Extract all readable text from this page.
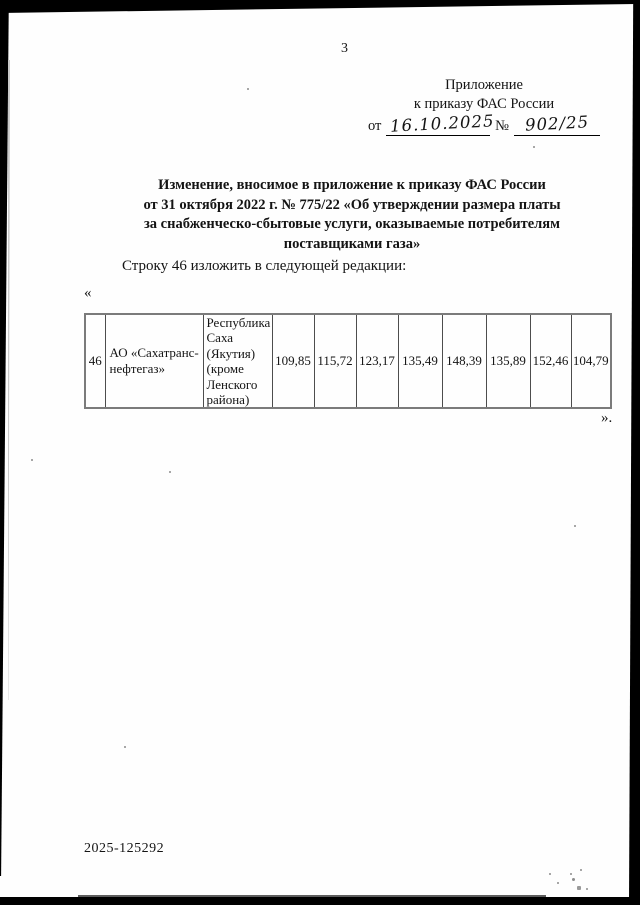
3
Приложение
к приказу ФАС России
от 16.10.2025 № 902/25
Изменение, вносимое в приложение к приказу ФАС России
от 31 октября 2022 г. № 775/22 «Об утверждении размера платы
за снабженческо-сбытовые услуги, оказываемые потребителям
поставщиками газа»
Строку 46 изложить в следующей редакции:
«
46	АО «Сахатранс-нефтегаз»	Республика Саха (Якутия) (кроме Ленского района)	109,85	115,72	123,17	135,49	148,39	135,89	152,46	104,79
».
2025-125292
